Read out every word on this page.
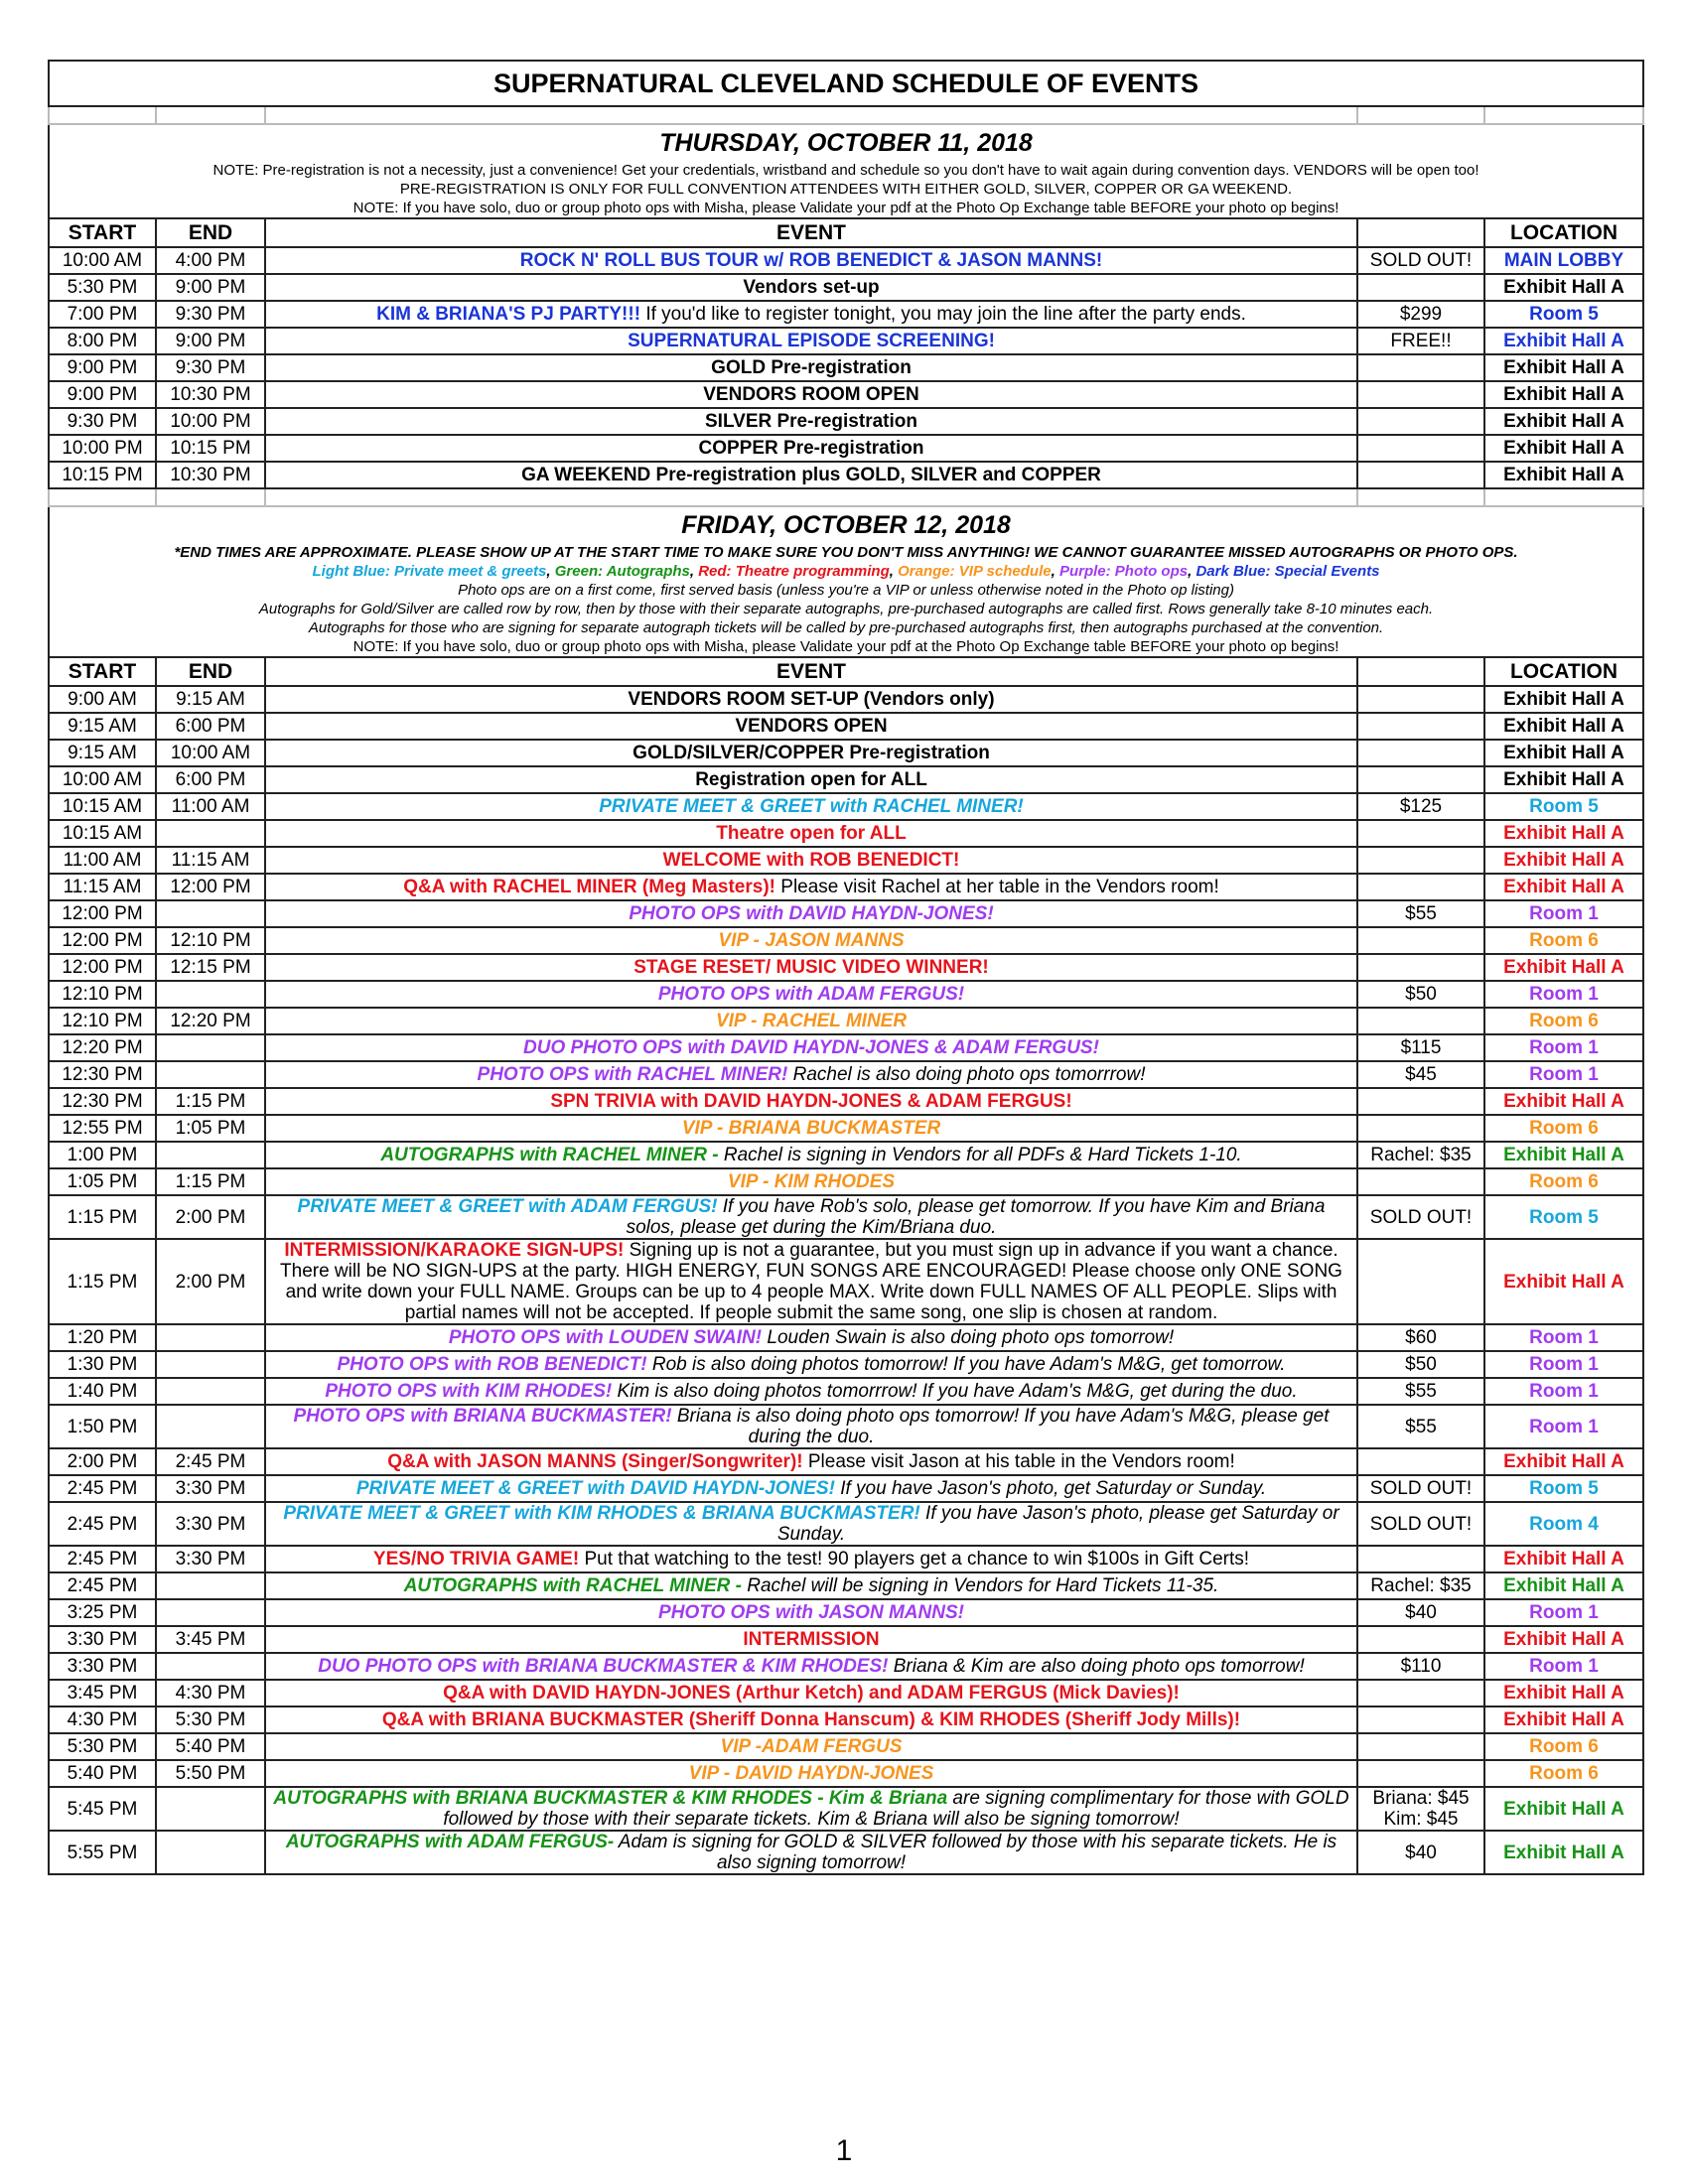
SUPERNATURAL CLEVELAND SCHEDULE OF EVENTS				

THURSDAY, OCTOBER 11, 2018				
NOTE: Pre-registration is not a necessity, just a convenience! Get your credentials, wristband and schedule so you don't have to wait again during convention days. VENDORS will be open too!				
PRE-REGISTRATION IS ONLY FOR FULL CONVENTION ATTENDEES WITH EITHER GOLD, SILVER, COPPER OR GA WEEKEND.				
NOTE: If you have solo, duo or group photo ops with Misha, please Validate your pdf at the Photo Op Exchange table BEFORE your photo op begins!				
START	END	EVENT		LOCATION
10:00 AM	4:00 PM	ROCK N' ROLL BUS TOUR w/ ROB BENEDICT & JASON MANNS!	SOLD OUT!	MAIN LOBBY
5:30 PM	9:00 PM	Vendors set-up		Exhibit Hall A
7:00 PM	9:30 PM	KIM & BRIANA'S PJ PARTY!!! If you'd like to register tonight, you may join the line after the party ends.	$299	Room 5
8:00 PM	9:00 PM	SUPERNATURAL EPISODE SCREENING!	FREE!!	Exhibit Hall A
9:00 PM	9:30 PM	GOLD Pre-registration		Exhibit Hall A
9:00 PM	10:30 PM	VENDORS ROOM OPEN		Exhibit Hall A
9:30 PM	10:00 PM	SILVER Pre-registration		Exhibit Hall A
10:00 PM	10:15 PM	COPPER Pre-registration		Exhibit Hall A
10:15 PM	10:30 PM	GA WEEKEND Pre-registration plus GOLD, SILVER and COPPER		Exhibit Hall A

FRIDAY, OCTOBER 12, 2018				
*END TIMES ARE APPROXIMATE. PLEASE SHOW UP AT THE START TIME TO MAKE SURE YOU DON'T MISS ANYTHING! WE CANNOT GUARANTEE MISSED AUTOGRAPHS OR PHOTO OPS.				
Light Blue: Private meet & greets, Green: Autographs, Red: Theatre programming, Orange: VIP schedule, Purple: Photo ops, Dark Blue: Special Events				
Photo ops are on a first come, first served basis (unless you're a VIP or unless otherwise noted in the Photo op listing)				
Autographs for Gold/Silver are called row by row, then by those with their separate autographs, pre-purchased autographs are called first. Rows generally take 8-10 minutes each.				
Autographs for those who are signing for separate autograph tickets will be called by pre-purchased autographs first, then autographs purchased at the convention.				
NOTE: If you have solo, duo or group photo ops with Misha, please Validate your pdf at the Photo Op Exchange table BEFORE your photo op begins!				
START	END	EVENT		LOCATION
9:00 AM	9:15 AM	VENDORS ROOM SET-UP (Vendors only)		Exhibit Hall A
9:15 AM	6:00 PM	VENDORS OPEN		Exhibit Hall A
9:15 AM	10:00 AM	GOLD/SILVER/COPPER Pre-registration		Exhibit Hall A
10:00 AM	6:00 PM	Registration open for ALL		Exhibit Hall A
10:15 AM	11:00 AM	PRIVATE MEET & GREET with RACHEL MINER!	$125	Room 5
10:15 AM		Theatre open for ALL		Exhibit Hall A
11:00 AM	11:15 AM	WELCOME with ROB BENEDICT!		Exhibit Hall A
11:15 AM	12:00 PM	Q&A with RACHEL MINER (Meg Masters)! Please visit Rachel at her table in the Vendors room!		Exhibit Hall A
12:00 PM		PHOTO OPS with DAVID HAYDN-JONES!	$55	Room 1
12:00 PM	12:10 PM	VIP - JASON MANNS		Room 6
12:00 PM	12:15 PM	STAGE RESET/ MUSIC VIDEO WINNER!		Exhibit Hall A
12:10 PM		PHOTO OPS with ADAM FERGUS!	$50	Room 1
12:10 PM	12:20 PM	VIP - RACHEL MINER		Room 6
12:20 PM		DUO PHOTO OPS with DAVID HAYDN-JONES & ADAM FERGUS!	$115	Room 1
12:30 PM		PHOTO OPS with RACHEL MINER! Rachel is also doing photo ops tomorrrow!	$45	Room 1
12:30 PM	1:15 PM	SPN TRIVIA with DAVID HAYDN-JONES & ADAM FERGUS!		Exhibit Hall A
12:55 PM	1:05 PM	VIP - BRIANA BUCKMASTER		Room 6
1:00 PM		AUTOGRAPHS with RACHEL MINER - Rachel is signing in Vendors for all PDFs & Hard Tickets 1-10.	Rachel: $35	Exhibit Hall A
1:05 PM	1:15 PM	VIP - KIM RHODES		Room 6
1:15 PM	2:00 PM	PRIVATE MEET & GREET with ADAM FERGUS! If you have Rob's solo, please get tomorrow. If you have Kim and Briana solos, please get during the Kim/Briana duo.	SOLD OUT!	Room 5
1:15 PM	2:00 PM	INTERMISSION/KARAOKE SIGN-UPS! Signing up is not a guarantee, but you must sign up in advance if you want a chance. There will be NO SIGN-UPS at the party. HIGH ENERGY, FUN SONGS ARE ENCOURAGED! Please choose only ONE SONG and write down your FULL NAME. Groups can be up to 4 people MAX. Write down FULL NAMES OF ALL PEOPLE. Slips with partial names will not be accepted. If people submit the same song, one slip is chosen at random.		Exhibit Hall A
1:20 PM		PHOTO OPS with LOUDEN SWAIN! Louden Swain is also doing photo ops tomorrow!	$60	Room 1
1:30 PM		PHOTO OPS with ROB BENEDICT! Rob is also doing photos tomorrow! If you have Adam's M&G, get tomorrow.	$50	Room 1
1:40 PM		PHOTO OPS with KIM RHODES! Kim is also doing photos tomorrrow! If you have Adam's M&G, get during the duo.	$55	Room 1
1:50 PM		PHOTO OPS with BRIANA BUCKMASTER! Briana is also doing photo ops tomorrow! If you have Adam's M&G, please get during the duo.	$55	Room 1
2:00 PM	2:45 PM	Q&A with JASON MANNS (Singer/Songwriter)! Please visit Jason at his table in the Vendors room!		Exhibit Hall A
2:45 PM	3:30 PM	PRIVATE MEET & GREET with DAVID HAYDN-JONES! If you have Jason's photo, get Saturday or Sunday.	SOLD OUT!	Room 5
2:45 PM	3:30 PM	PRIVATE MEET & GREET with KIM RHODES & BRIANA BUCKMASTER! If you have Jason's photo, please get Saturday or Sunday.	SOLD OUT!	Room 4
2:45 PM	3:30 PM	YES/NO TRIVIA GAME! Put that watching to the test! 90 players get a chance to win $100s in Gift Certs!		Exhibit Hall A
2:45 PM		AUTOGRAPHS with RACHEL MINER - Rachel will be signing in Vendors for Hard Tickets 11-35.	Rachel: $35	Exhibit Hall A
3:25 PM		PHOTO OPS with JASON MANNS!	$40	Room 1
3:30 PM	3:45 PM	INTERMISSION		Exhibit Hall A
3:30 PM		DUO PHOTO OPS with BRIANA BUCKMASTER & KIM RHODES! Briana & Kim are also doing photo ops tomorrow!	$110	Room 1
3:45 PM	4:30 PM	Q&A with DAVID HAYDN-JONES (Arthur Ketch) and ADAM FERGUS (Mick Davies)!		Exhibit Hall A
4:30 PM	5:30 PM	Q&A with BRIANA BUCKMASTER (Sheriff Donna Hanscum) & KIM RHODES (Sheriff Jody Mills)!		Exhibit Hall A
5:30 PM	5:40 PM	VIP -ADAM FERGUS		Room 6
5:40 PM	5:50 PM	VIP - DAVID HAYDN-JONES		Room 6
5:45 PM		AUTOGRAPHS with BRIANA BUCKMASTER & KIM RHODES - Kim & Briana are signing complimentary for those with GOLD followed by those with their separate tickets. Kim & Briana will also be signing tomorrow!	Briana: $45 Kim: $45	Exhibit Hall A
5:55 PM		AUTOGRAPHS with ADAM FERGUS- Adam is signing for GOLD & SILVER followed by those with his separate tickets. He is also signing tomorrow!	$40	Exhibit Hall A
1
